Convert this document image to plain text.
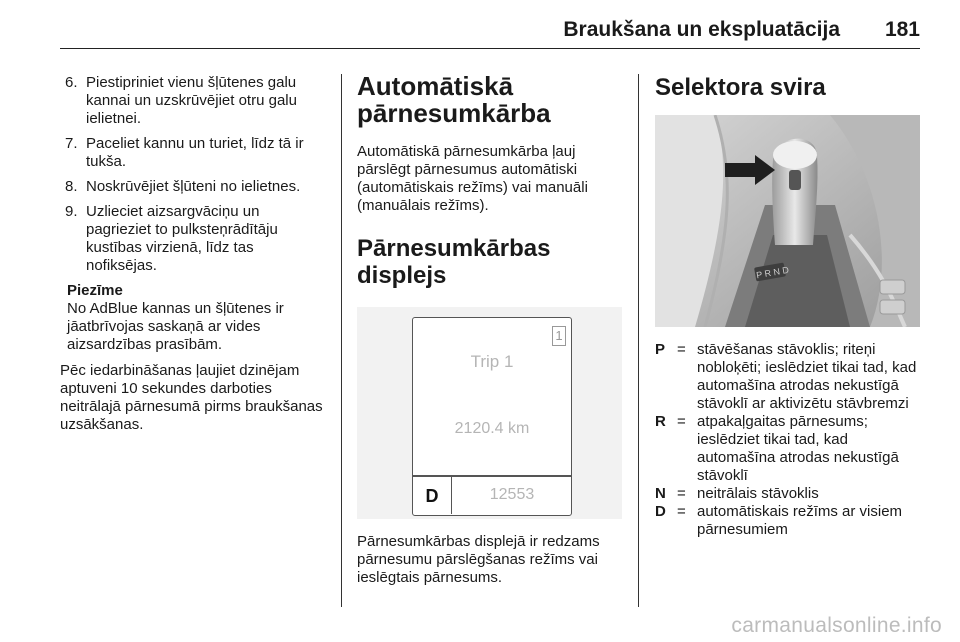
Braukšana un ekspluatācija 181
6. Piestipriniet vienu šļūtenes galu kannai un uzskrūvējiet otru galu ielietnei.
7. Paceliet kannu un turiet, līdz tā ir tukša.
8. Noskrūvējiet šļūteni no ielietnes.
9. Uzlieciet aizsargvāciņu un pagrieziet to pulksteņrādītāju kustības virzienā, līdz tas nofiksējas.
Piezīme
No AdBlue kannas un šļūtenes ir jāatbrīvojas saskaņā ar vides aizsardzības prasībām.
Pēc iedarbināšanas ļaujiet dzinējam aptuveni 10 sekundes darboties neitrālajā pārnesumā pirms braukšanas uzsākšanas.
Automātiskā pārnesumkārba
Automātiskā pārnesumkārba ļauj pārslēgt pārnesumus automātiski (automātiskais režīms) vai manuāli (manuālais režīms).
Pārnesumkārbas displejs
1
Trip 1
2120.4 km
D	12553
Pārnesumkārbas displejā ir redzams pārnesumu pārslēgšanas režīms vai ieslēgtais pārnesums.
Selektora svira
P R N D
P = stāvēšanas stāvoklis; riteņi nobloķēti; ieslēdziet tikai tad, kad automašīna atrodas nekustīgā stāvoklī ar aktivizētu stāvbremzi
R = atpakaļgaitas pārnesums; ieslēdziet tikai tad, kad automašīna atrodas nekustīgā stāvoklī
N = neitrālais stāvoklis
D = automātiskais režīms ar visiem pārnesumiem
carmanualsonline.info
